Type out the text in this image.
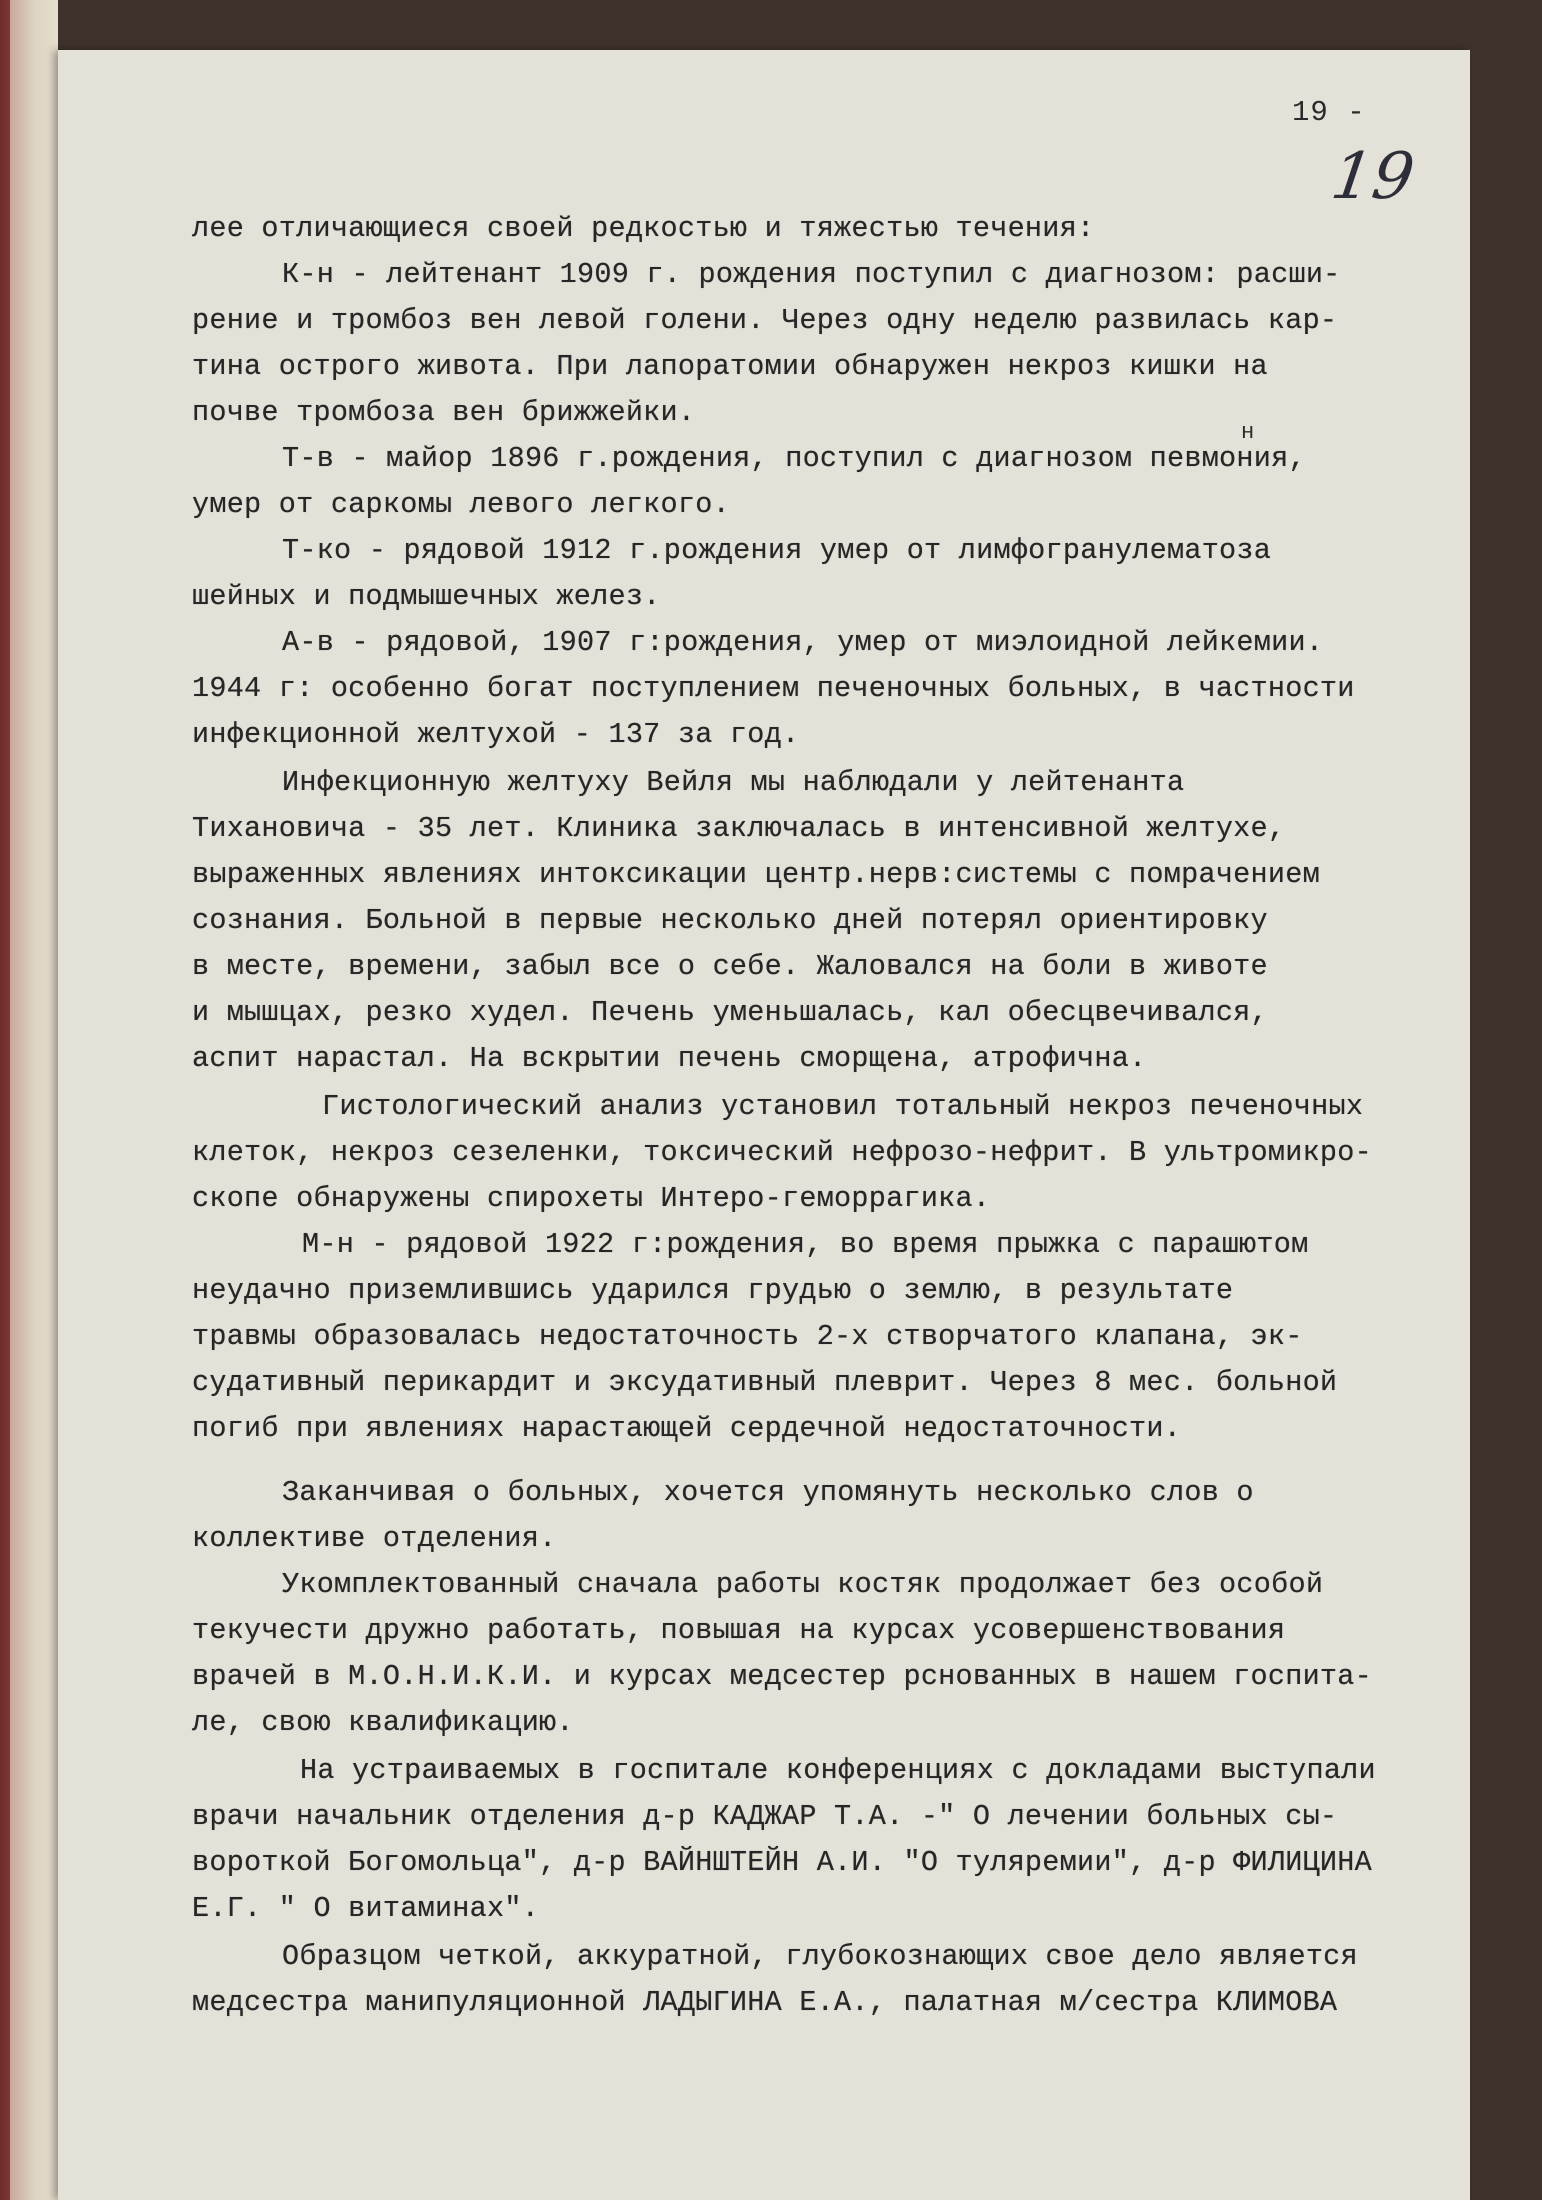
19 -
19
н
лее отличающиеся своей редкостью и тяжестью течения:
К-н - лейтенант 1909 г. рождения поступил с диагнозом: расши-
рение и тромбоз вен левой голени. Через одну неделю развилась кар-
тина острого живота. При лапоратомии обнаружен некроз кишки на
почве тромбоза вен брижжейки.
Т-в - майор 1896 г.рождения, поступил с диагнозом певмония,
умер от саркомы левого легкого.
Т-ко - рядовой 1912 г.рождения умер от лимфогранулематоза
шейных и подмышечных желез.
А-в - рядовой, 1907 г:рождения, умер от миэлоидной лейкемии.
1944 г: особенно богат поступлением печеночных больных, в частности
инфекционной желтухой - 137 за год.
Инфекционную желтуху Вейля мы наблюдали у лейтенанта
Тихановича - 35 лет. Клиника заключалась в интенсивной желтухе,
выраженных явлениях интоксикации центр.нерв:системы с помрачением
сознания. Больной в первые несколько дней потерял ориентировку
в месте, времени, забыл все о себе. Жаловался на боли в животе
и мышцах, резко худел. Печень уменьшалась, кал обесцвечивался,
аспит нарастал. На вскрытии печень сморщена, атрофична.
Гистологический анализ установил тотальный некроз печеночных
клеток, некроз сезеленки, токсический нефрозо-нефрит. В ультромикро-
скопе обнаружены спирохеты Интеро-геморрагика.
М-н - рядовой 1922 г:рождения, во время прыжка с парашютом
неудачно приземлившись ударился грудью о землю, в результате
травмы образовалась недостаточность 2-х створчатого клапана, эк-
судативный перикардит и эксудативный плеврит. Через 8 мес. больной
погиб при явлениях нарастающей сердечной недостаточности.
Заканчивая о больных, хочется упомянуть несколько слов о
коллективе отделения.
Укомплектованный сначала работы костяк продолжает без особой
текучести дружно работать, повышая на курсах усовершенствования
врачей в М.О.Н.И.К.И. и курсах медсестер рснованных в нашем госпита-
ле, свою квалификацию.
На устраиваемых в госпитале конференциях с докладами выступали
врачи начальник отделения д-р КАДЖАР Т.А. -" О лечении больных сы-
вороткой Богомольца", д-р ВАЙНШТЕЙН А.И. "О туляремии", д-р ФИЛИЦИНА
Е.Г. " О витаминах".
Образцом четкой, аккуратной, глубокознающих свое дело является
медсестра манипуляционной ЛАДЫГИНА Е.А., палатная м/сестра КЛИМОВА
